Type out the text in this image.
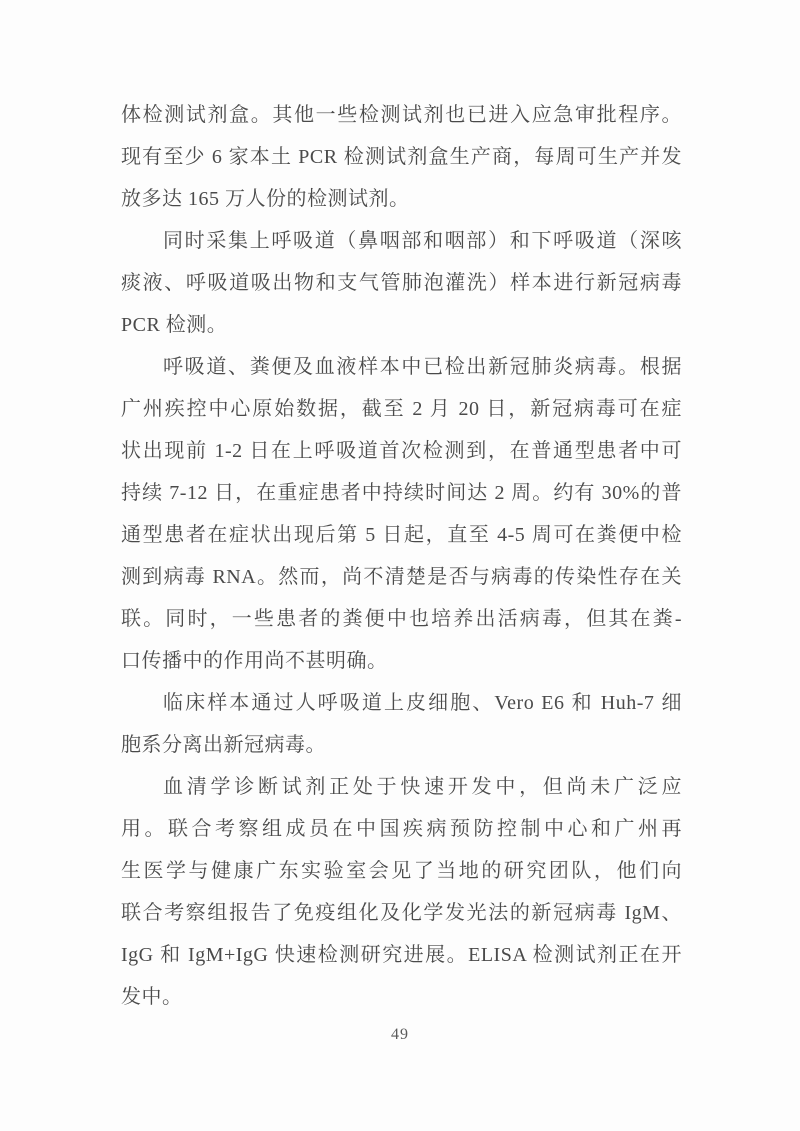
体检测试剂盒。其他一些检测试剂也已进入应急审批程序。
现有至少 6 家本土 PCR 检测试剂盒生产商，每周可生产并发
放多达 165 万人份的检测试剂。
同时采集上呼吸道（鼻咽部和咽部）和下呼吸道（深咳
痰液、呼吸道吸出物和支气管肺泡灌洗）样本进行新冠病毒
PCR 检测。
呼吸道、粪便及血液样本中已检出新冠肺炎病毒。根据
广州疾控中心原始数据，截至 2 月 20 日，新冠病毒可在症
状出现前 1-2 日在上呼吸道首次检测到，在普通型患者中可
持续 7-12 日，在重症患者中持续时间达 2 周。约有 30%的普
通型患者在症状出现后第 5 日起，直至 4-5 周可在粪便中检
测到病毒 RNA。然而，尚不清楚是否与病毒的传染性存在关
联。同时，一些患者的粪便中也培养出活病毒，但其在粪-
口传播中的作用尚不甚明确。
临床样本通过人呼吸道上皮细胞、Vero E6 和 Huh-7 细
胞系分离出新冠病毒。
血清学诊断试剂正处于快速开发中，但尚未广泛应
用。联合考察组成员在中国疾病预防控制中心和广州再
生医学与健康广东实验室会见了当地的研究团队，他们向
联合考察组报告了免疫组化及化学发光法的新冠病毒 IgM、
IgG 和 IgM+IgG 快速检测研究进展。ELISA 检测试剂正在开
发中。
49
